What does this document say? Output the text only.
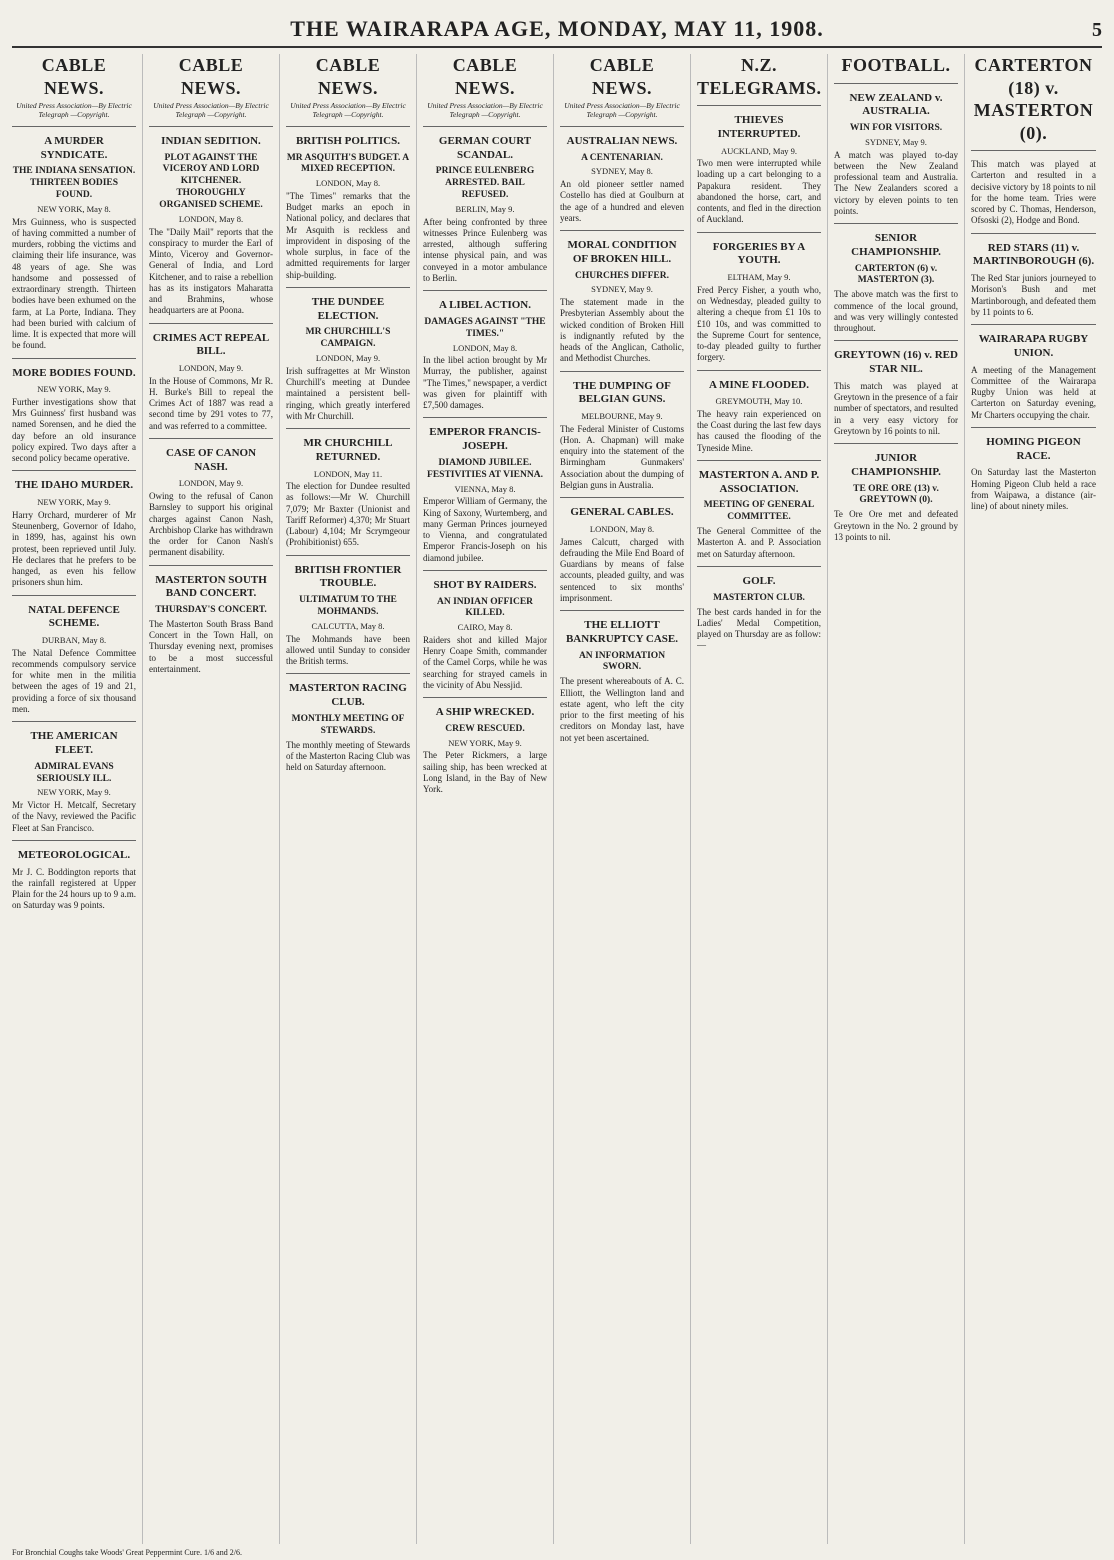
THE WAIRARAPA AGE, MONDAY, MAY 11, 1908.	5
CABLE NEWS.
United Press Association—By Electric Telegraph —Copyright.
A MURDER SYNDICATE.
THE INDIANA SENSATION. THIRTEEN BODIES FOUND.
NEW YORK, May 8.

Mrs Guinness, who is suspected of having committed a number of murders, robbing the victims and claiming their life insurance, was 48 years of age. She was handsome and possessed of extraordinary strength. Thirteen bodies have been exhumed on the farm, at La Porte, Indiana. They had been buried with calcium of lime. It is expected that more will be found.

MORE BODIES FOUND.
NEW YORK, May 9.

Further investigations show that Mrs Guinness' first husband was named Sorensen, and he died the day before an old insurance policy expired. Two days after a second policy became operative.

THE IDAHO MURDER.
NEW YORK, May 9.

Harry Orchard, murderer of Mr Steunenberg, Governor of Idaho, in 1899, has, against his own protest, been reprieved until July. He declares that he prefers to be hanged, as even his fellow prisoners shun him.

NATAL DEFENCE SCHEME.
DURBAN, May 8.

The Natal Defence Committee recommends compulsory service for white men in the militia between the ages of 19 and 21, providing a force of six thousand men.

THE AMERICAN FLEET.
ADMIRAL EVANS SERIOUSLY ILL.
NEW YORK, May 9.

Mr Victor H. Metcalf, Secretary of the Navy, reviewed the Pacific Fleet at San Francisco.

METEOROLOGICAL.

Mr J. C. Boddington reports that the rainfall registered at Upper Plain for the 24 hours up to 9 a.m. on Saturday was 9 points.

CABLE NEWS.
United Press Association—By Electric Telegraph —Copyright.
INDIAN SEDITION.
PLOT AGAINST THE VICEROY AND LORD KITCHENER. THOROUGHLY ORGANISED SCHEME.
LONDON, May 8.

The "Daily Mail" reports that the conspiracy to murder the Earl of Minto, Viceroy and Governor-General of India, and Lord Kitchener, and to raise a rebellion has as its instigators Maharatta and Brahmins, whose headquarters are at Poona.

CRIMES ACT REPEAL BILL.
LONDON, May 9.

In the House of Commons, Mr R. H. Burke's Bill to repeal the Crimes Act of 1887 was read a second time by 291 votes to 77, and was referred to a committee.

CASE OF CANON NASH.
LONDON, May 9.

Owing to the refusal of Canon Barnsley to support his original charges against Canon Nash, Archbishop Clarke has withdrawn the order for Canon Nash's permanent disability.

MASTERTON SOUTH BAND CONCERT.
THURSDAY'S CONCERT.

The Masterton South Brass Band Concert in the Town Hall, on Thursday evening next, promises to be a most successful entertainment.

CABLE NEWS.
United Press Association—By Electric Telegraph —Copyright.
BRITISH POLITICS.
MR ASQUITH'S BUDGET. A MIXED RECEPTION.
LONDON, May 8.

"The Times" remarks that the Budget marks an epoch in National policy, and declares that Mr Asquith is reckless and improvident in disposing of the whole surplus, in face of the admitted requirements for larger ship-building.

THE DUNDEE ELECTION.
MR CHURCHILL'S CAMPAIGN.
LONDON, May 9.

Irish suffragettes at Mr Winston Churchill's meeting at Dundee maintained a persistent bell-ringing, which greatly interfered with Mr Churchill.

MR CHURCHILL RETURNED.
LONDON, May 11.

The election for Dundee resulted as follows:—Mr W. Churchill 7,079; Mr Baxter (Unionist and Tariff Reformer) 4,370; Mr Stuart (Labour) 4,104; Mr Scrymgeour (Prohibitionist) 655.

BRITISH FRONTIER TROUBLE.
ULTIMATUM TO THE MOHMANDS.
CALCUTTA, May 8.

The Mohmands have been allowed until Sunday to consider the British terms.

MASTERTON RACING CLUB.
MONTHLY MEETING OF STEWARDS.

The monthly meeting of Stewards of the Masterton Racing Club was held on Saturday afternoon.

CABLE NEWS.
United Press Association—By Electric Telegraph —Copyright.
GERMAN COURT SCANDAL.
PRINCE EULENBERG ARRESTED. BAIL REFUSED.
BERLIN, May 9.

After being confronted by three witnesses Prince Eulenberg was arrested, although suffering intense physical pain, and was conveyed in a motor ambulance to Berlin.

A LIBEL ACTION.
DAMAGES AGAINST "THE TIMES."
LONDON, May 8.

In the libel action brought by Mr Murray, the publisher, against "The Times," newspaper, a verdict was given for plaintiff with £7,500 damages.

EMPEROR FRANCIS-JOSEPH.
DIAMOND JUBILEE. FESTIVITIES AT VIENNA.
VIENNA, May 8.

Emperor William of Germany, the King of Saxony, Wurtemberg, and many German Princes journeyed to Vienna, and congratulated Emperor Francis-Joseph on his diamond jubilee.

SHOT BY RAIDERS.
AN INDIAN OFFICER KILLED.
CAIRO, May 8.

Raiders shot and killed Major Henry Coape Smith, commander of the Camel Corps, while he was searching for strayed camels in the vicinity of Abu Nessjid.

A SHIP WRECKED.
CREW RESCUED.
NEW YORK, May 9.

The Peter Rickmers, a large sailing ship, has been wrecked at Long Island, in the Bay of New York.

CABLE NEWS.
United Press Association—By Electric Telegraph —Copyright.
AUSTRALIAN NEWS.
A CENTENARIAN.
SYDNEY, May 8.

An old pioneer settler named Costello has died at Goulburn at the age of a hundred and eleven years.

MORAL CONDITION OF BROKEN HILL.
CHURCHES DIFFER.
SYDNEY, May 9.

The statement made in the Presbyterian Assembly about the wicked condition of Broken Hill is indignantly refuted by the heads of the Anglican, Catholic, and Methodist Churches.

THE DUMPING OF BELGIAN GUNS.
MELBOURNE, May 9.

The Federal Minister of Customs (Hon. A. Chapman) will make enquiry into the statement of the Birmingham Gunmakers' Association about the dumping of Belgian guns in Australia.

GENERAL CABLES.
LONDON, May 8.

James Calcutt, charged with defrauding the Mile End Board of Guardians by means of false accounts, pleaded guilty, and was sentenced to six months' imprisonment.

THE ELLIOTT BANKRUPTCY CASE.
AN INFORMATION SWORN.

The present whereabouts of A. C. Elliott, the Wellington land and estate agent, who left the city prior to the first meeting of his creditors on Monday last, have not yet been ascertained.

N.Z. TELEGRAMS.
THIEVES INTERRUPTED.
AUCKLAND, May 9.

Two men were interrupted while loading up a cart belonging to a Papakura resident. They abandoned the horse, cart, and contents, and fled in the direction of Auckland.

FORGERIES BY A YOUTH.
ELTHAM, May 9.

Fred Percy Fisher, a youth who, on Wednesday, pleaded guilty to altering a cheque from £1 10s to £10 10s, and was committed to the Supreme Court for sentence, to-day pleaded guilty to further forgery.

A MINE FLOODED.
GREYMOUTH, May 10.

The heavy rain experienced on the Coast during the last few days has caused the flooding of the Tyneside Mine.

MASTERTON A. AND P. ASSOCIATION.
MEETING OF GENERAL COMMITTEE.

The General Committee of the Masterton A. and P. Association met on Saturday afternoon.

GOLF.
MASTERTON CLUB.

The best cards handed in for the Ladies' Medal Competition, played on Thursday are as follow:—

FOOTBALL.
NEW ZEALAND v. AUSTRALIA.
WIN FOR VISITORS.
SYDNEY, May 9.

A match was played to-day between the New Zealand professional team and Australia. The New Zealanders scored a victory by eleven points to ten points.

SENIOR CHAMPIONSHIP.
CARTERTON (6) v. MASTERTON (3).

The above match was the first to commence of the local ground, and was very willingly contested throughout.

GREYTOWN (16) v. RED STAR NIL.

This match was played at Greytown in the presence of a fair number of spectators, and resulted in a very easy victory for Greytown by 16 points to nil.

JUNIOR CHAMPIONSHIP.
TE ORE ORE (13) v. GREYTOWN (0).

Te Ore Ore met and defeated Greytown in the No. 2 ground by 13 points to nil.

CARTERTON (18) v. MASTERTON (0).

This match was played at Carterton and resulted in a decisive victory by 18 points to nil for the home team. Tries were scored by C. Thomas, Henderson, Ofsoski (2), Hodge and Bond.

RED STARS (11) v. MARTINBOROUGH (6).

The Red Star juniors journeyed to Morison's Bush and met Martinborough, and defeated them by 11 points to 6.

WAIRARAPA RUGBY UNION.

A meeting of the Management Committee of the Wairarapa Rugby Union was held at Carterton on Saturday evening, Mr Charters occupying the chair.

HOMING PIGEON RACE.

On Saturday last the Masterton Homing Pigeon Club held a race from Waipawa, a distance (air-line) of about ninety miles.

For Bronchial Coughs take Woods' Great Peppermint Cure. 1/6 and 2/6.
